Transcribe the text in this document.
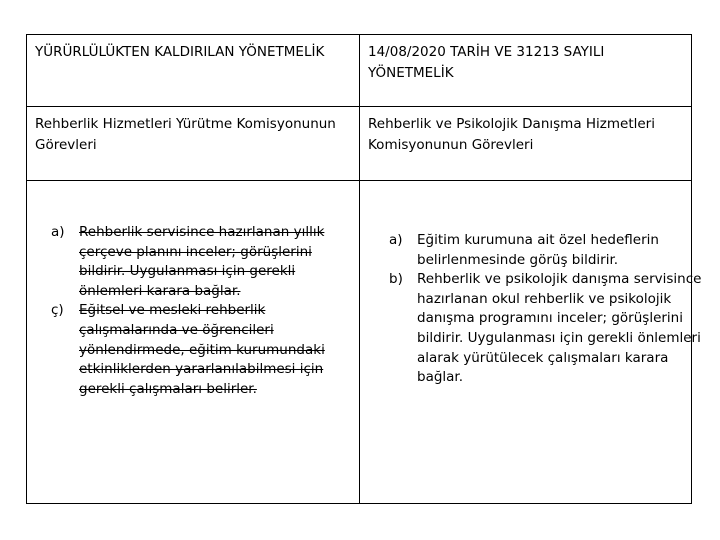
YÜRÜRLÜLÜKTEN KALDIRILAN YÖNETMELİK	14/08/2020 TARİH VE 31213 SAYILI YÖNETMELİK
Rehberlik Hizmetleri Yürütme Komisyonunun Görevleri
Rehberlik ve Psikolojik Danışma Hizmetleri Komisyonunun Görevleri
a) Rehberlik servisince hazırlanan yıllık çerçeve planını inceler; görüşlerini bildirir. Uygulanması için gerekli önlemleri karara bağlar.
ç) Eğitsel ve mesleki rehberlik çalışmalarında ve öğrencileri yönlendirmede, eğitim kurumundaki etkinliklerden yararlanılabilmesi için gerekli çalışmaları belirler.
a) Eğitim kurumuna ait özel hedeflerin belirlenmesinde görüş bildirir.
b) Rehberlik ve psikolojik danışma servisince hazırlanan okul rehberlik ve psikolojik danışma programını inceler; görüşlerini bildirir. Uygulanması için gerekli önlemleri alarak yürütülecek çalışmaları karara bağlar.
